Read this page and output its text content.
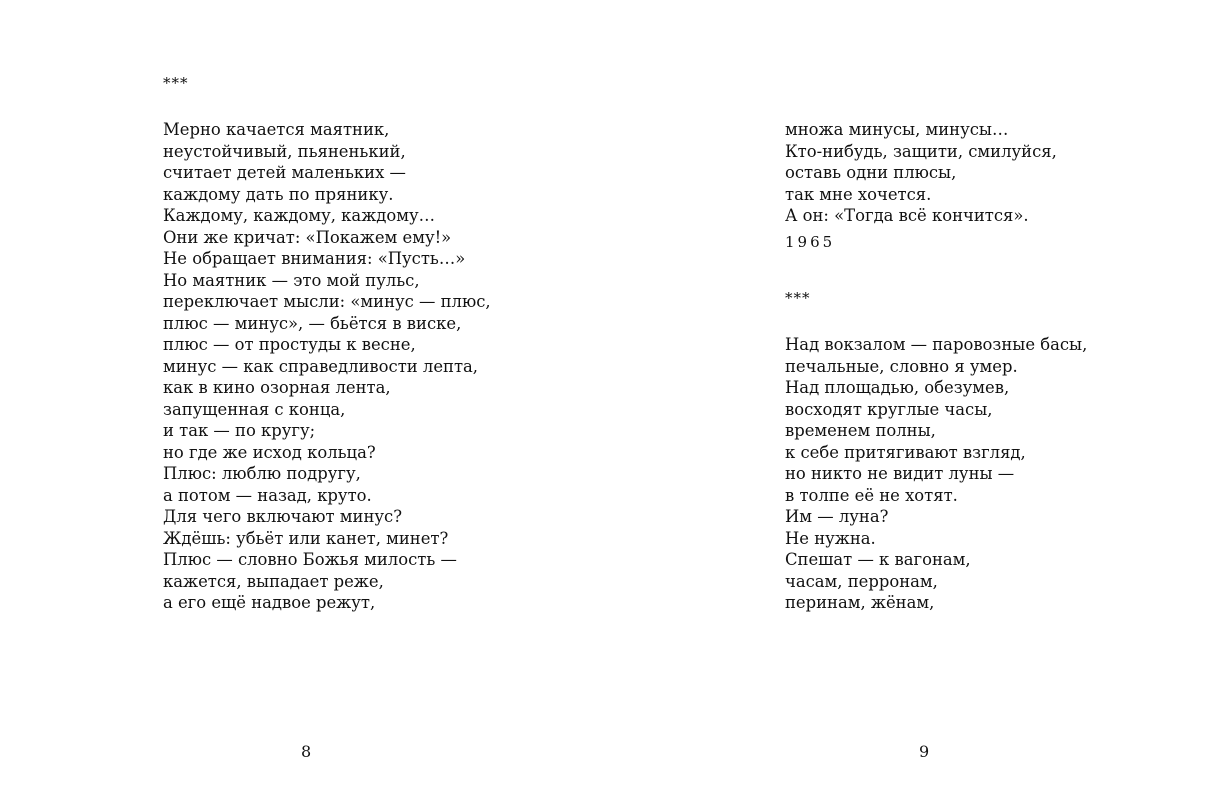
***
Мерно качается маятник,
неустойчивый, пьяненький,
считает детей маленьких —
каждому дать по прянику.
Каждому, каждому, каждому…
Они же кричат: «Покажем ему!»
Не обращает внимания: «Пусть…»
Но маятник — это мой пульс,
переключает мысли: «минус — плюс,
плюс — минус», — бьётся в виске,
плюс — от простуды к весне,
минус — как справедливости лепта,
как в кино озорная лента,
запущенная с конца,
и так — по кругу;
но где же исход кольца?
Плюс: люблю подругу,
а потом — назад, круто.
Для чего включают минус?
Ждёшь: убьёт или канет, минет?
Плюс — словно Божья милость —
кажется, выпадает реже,
а его ещё надвое режут,
8
множа минусы, минусы…
Кто-нибудь, защити, смилуйся,
оставь одни плюсы,
так мне хочется.
А он: «Тогда всё кончится».
1965
***
Над вокзалом — паровозные басы,
печальные, словно я умер.
Над площадью, обезумев,
восходят круглые часы,
временем полны,
к себе притягивают взгляд,
но никто не видит луны —
в толпе её не хотят.
Им — луна?
Не нужна.
Спешат — к вагонам,
часам, перронам,
перинам, жёнам,
9
